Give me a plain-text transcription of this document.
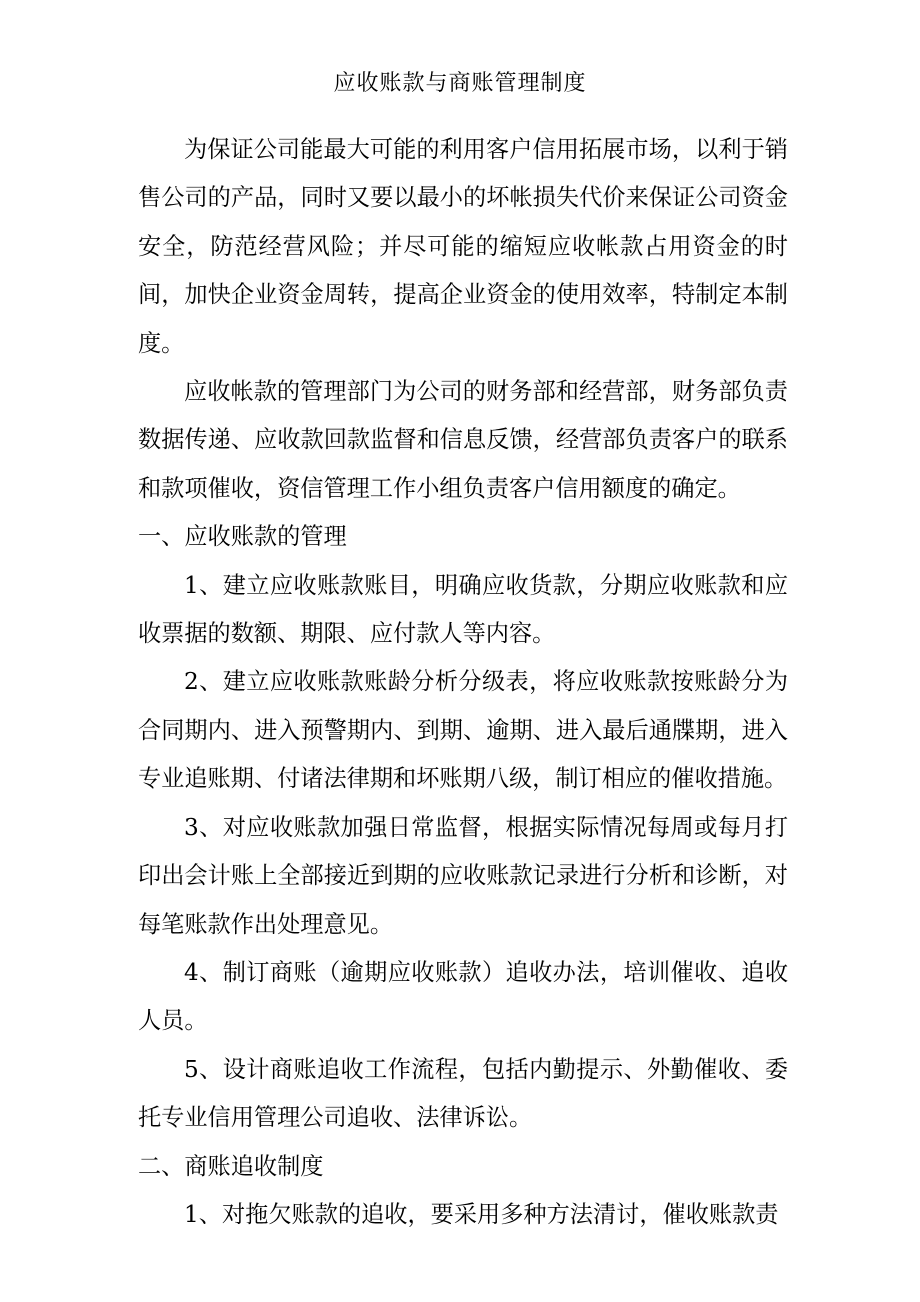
应收账款与商账管理制度

为保证公司能最大可能的利用客户信用拓展市场，以利于销售公司的产品，同时又要以最小的坏帐损失代价来保证公司资金安全，防范经营风险；并尽可能的缩短应收帐款占用资金的时间，加快企业资金周转，提高企业资金的使用效率，特制定本制度。

应收帐款的管理部门为公司的财务部和经营部，财务部负责数据传递、应收款回款监督和信息反馈，经营部负责客户的联系和款项催收，资信管理工作小组负责客户信用额度的确定。

一、应收账款的管理

1、建立应收账款账目，明确应收货款，分期应收账款和应收票据的数额、期限、应付款人等内容。

2、建立应收账款账龄分析分级表，将应收账款按账龄分为合同期内、进入预警期内、到期、逾期、进入最后通牒期，进入专业追账期、付诸法律期和坏账期八级，制订相应的催收措施。

3、对应收账款加强日常监督，根据实际情况每周或每月打印出会计账上全部接近到期的应收账款记录进行分析和诊断，对每笔账款作出处理意见。

4、制订商账（逾期应收账款）追收办法，培训催收、追收人员。

5、设计商账追收工作流程，包括内勤提示、外勤催收、委托专业信用管理公司追收、法律诉讼。

二、商账追收制度

1、对拖欠账款的追收，要采用多种方法清讨，催收账款责
